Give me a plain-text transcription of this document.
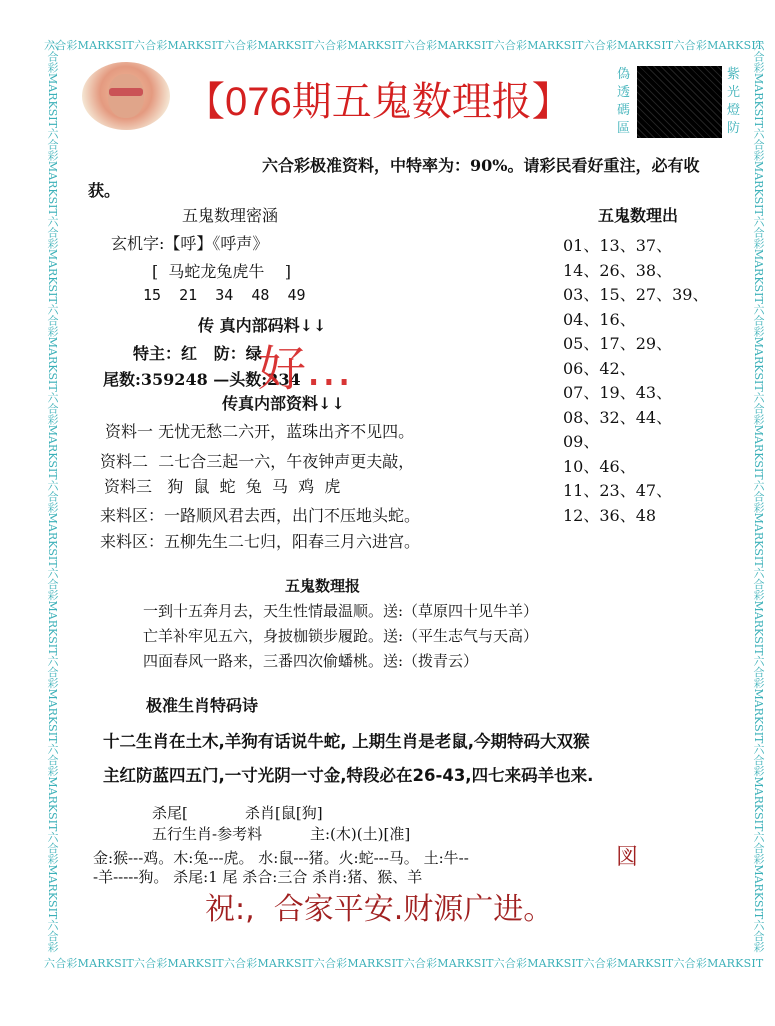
六合彩MARKSIT六合彩MARKSIT六合彩MARKSIT六合彩MARKSIT六合彩MARKSIT六合彩MARKSIT六合彩MARKSIT六合彩MARKSIT
六合彩MARKSIT六合彩MARKSIT六合彩MARKSIT六合彩MARKSIT六合彩MARKSIT六合彩MARKSIT六合彩MARKSIT六合彩MARKSIT
六合彩MARKSIT六合彩MARKSIT六合彩MARKSIT六合彩MARKSIT六合彩MARKSIT六合彩MARKSIT六合彩MARKSIT六合彩MARKSIT六合彩MARKSIT六合彩MARKSIT六合彩
六合彩MARKSIT六合彩MARKSIT六合彩MARKSIT六合彩MARKSIT六合彩MARKSIT六合彩MARKSIT六合彩MARKSIT六合彩MARKSIT六合彩MARKSIT六合彩MARKSIT六合彩
【076期五鬼数理报】
偽透碼區
紫光燈防
六合彩极准资料，中特率为：90%。请彩民看好重注，必有收
获。
五鬼数理密涵
玄机字:【呼】《呼声》
[  马蛇龙兔虎牛    ]
15  21  34  48  49
传 真内部码料↓↓
特主：红   防：绿
尾数:359248 —头数:234
好...
传真内部资料↓↓
资料一 无忧无愁二六开，蓝珠出齐不见四。
资料二 二七合三起一六，午夜钟声更夫敲，
资料三 狗  鼠  蛇  兔  马  鸡  虎
来料区：一路顺风君去西，出门不压地头蛇。
来料区：五柳先生二七归，阳春三月六进宫。
五鬼数理出
01、13、37、
14、26、38、
03、15、27、39、
04、16、
05、17、29、
06、42、
07、19、43、
08、32、44、
09、
10、46、
11、23、47、
12、36、48
五鬼数理报
一到十五奔月去，天生性情最温顺。送:（草原四十见牛羊）
亡羊补牢见五六，身披枷锁步履跄。送:（平生志气与天高）
四面春风一路来，三番四次偷蟠桃。送:（拨青云）
极准生肖特码诗
十二生肖在土木,羊狗有话说牛蛇, 上期生肖是老鼠,今期特码大双猴
主红防蓝四五门,一寸光阴一寸金,特段必在26-43,四七来码羊也来.
杀尾[	杀肖[鼠[狗]
五行生肖-参考料	主:(木)(土)[准]
金:猴---鸡。木:兔---虎。 水:鼠---猪。火:蛇---马。 土:牛--	図
-羊-----狗。 杀尾:1 尾 杀合:三合 杀肖:猪、猴、羊
祝:,  合家平安.财源广进。
